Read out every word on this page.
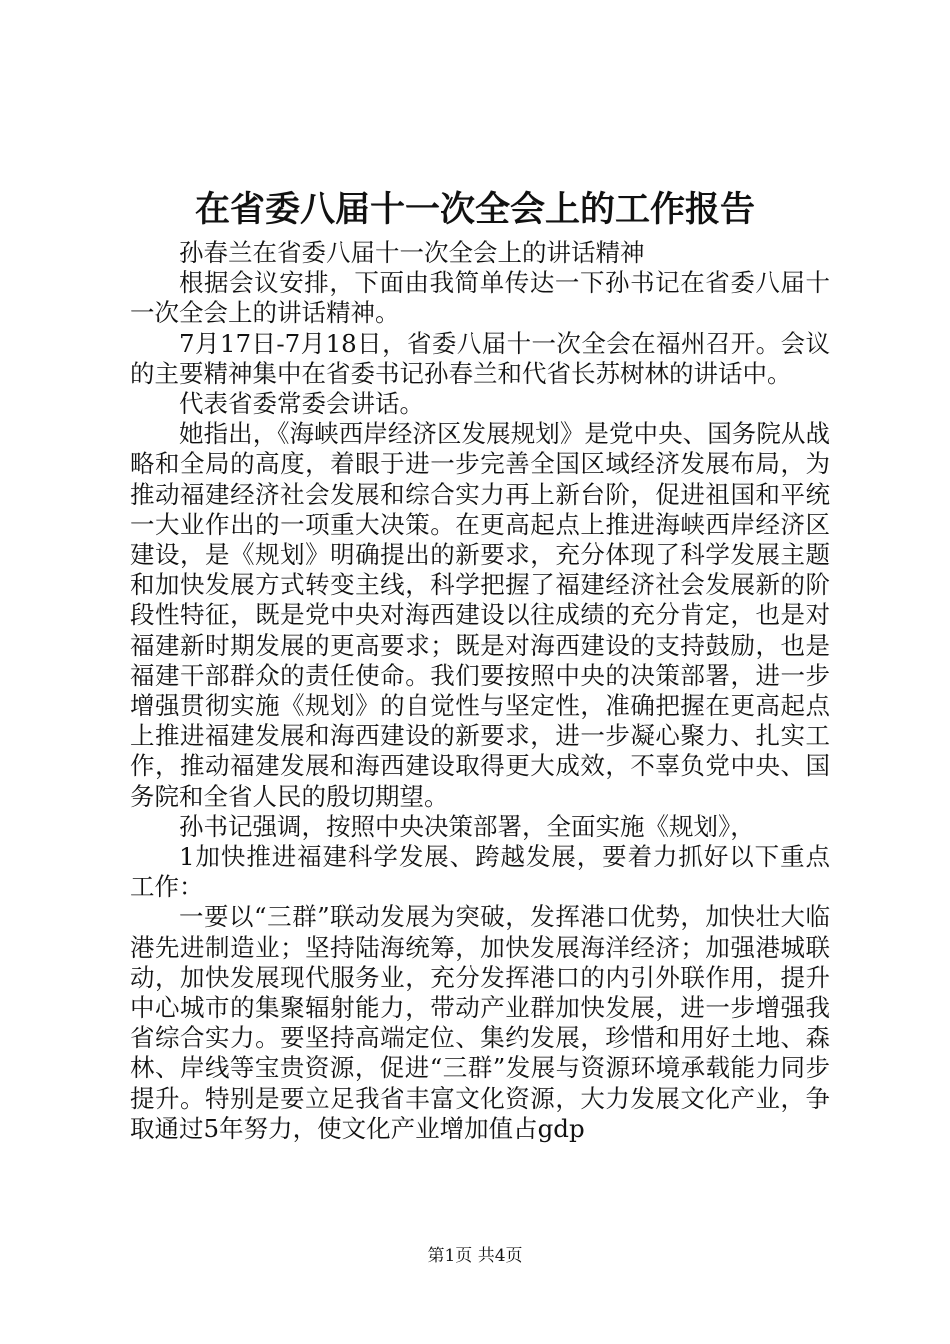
在省委八届十一次全会上的工作报告

孙春兰在省委八届十一次全会上的讲话精神

根据会议安排，下面由我简单传达一下孙书记在省委八届十一次全会上的讲话精神。

7月17日-7月18日，省委八届十一次全会在福州召开。会议的主要精神集中在省委书记孙春兰和代省长苏树林的讲话中。

代表省委常委会讲话。

她指出，《海峡西岸经济区发展规划》是党中央、国务院从战略和全局的高度，着眼于进一步完善全国区域经济发展布局，为推动福建经济社会发展和综合实力再上新台阶，促进祖国和平统一大业作出的一项重大决策。在更高起点上推进海峡西岸经济区建设，是《规划》明确提出的新要求，充分体现了科学发展主题和加快发展方式转变主线，科学把握了福建经济社会发展新的阶段性特征，既是党中央对海西建设以往成绩的充分肯定，也是对福建新时期发展的更高要求；既是对海西建设的支持鼓励，也是福建干部群众的责任使命。我们要按照中央的决策部署，进一步增强贯彻实施《规划》的自觉性与坚定性，准确把握在更高起点上推进福建发展和海西建设的新要求，进一步凝心聚力、扎实工作，推动福建发展和海西建设取得更大成效，不辜负党中央、国务院和全省人民的殷切期望。

孙书记强调，按照中央决策部署，全面实施《规划》，

1加快推进福建科学发展、跨越发展，要着力抓好以下重点工作：

一要以“三群”联动发展为突破，发挥港口优势，加快壮大临港先进制造业；坚持陆海统筹，加快发展海洋经济；加强港城联动，加快发展现代服务业，充分发挥港口的内引外联作用，提升中心城市的集聚辐射能力，带动产业群加快发展，进一步增强我省综合实力。要坚持高端定位、集约发展，珍惜和用好土地、森林、岸线等宝贵资源，促进“三群”发展与资源环境承载能力同步提升。特别是要立足我省丰富文化资源，大力发展文化产业，争取通过5年努力，使文化产业增加值占gdp

第1页 共4页
